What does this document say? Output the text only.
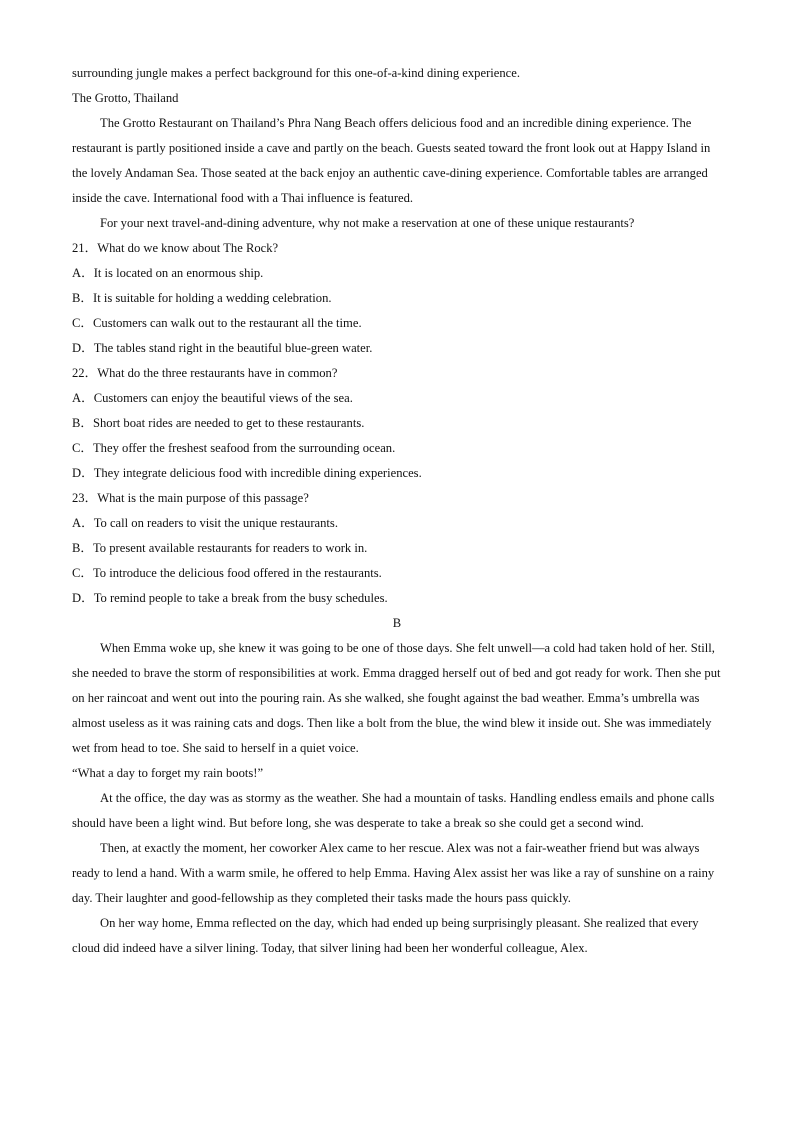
surrounding jungle makes a perfect background for this one-of-a-kind dining experience.

The Grotto, Thailand

The Grotto Restaurant on Thailand’s Phra Nang Beach offers delicious food and an incredible dining experience. The restaurant is partly positioned inside a cave and partly on the beach. Guests seated toward the front look out at Happy Island in the lovely Andaman Sea. Those seated at the back enjoy an authentic cave-dining experience. Comfortable tables are arranged inside the cave. International food with a Thai influence is featured.

For your next travel-and-dining adventure, why not make a reservation at one of these unique restaurants?

21．What do we know about The Rock?

A．It is located on an enormous ship.

B．It is suitable for holding a wedding celebration.

C．Customers can walk out to the restaurant all the time.

D．The tables stand right in the beautiful blue-green water.

22．What do the three restaurants have in common?

A．Customers can enjoy the beautiful views of the sea.

B．Short boat rides are needed to get to these restaurants.

C．They offer the freshest seafood from the surrounding ocean.

D．They integrate delicious food with incredible dining experiences.

23．What is the main purpose of this passage?

A．To call on readers to visit the unique restaurants.

B．To present available restaurants for readers to work in.

C．To introduce the delicious food offered in the restaurants.

D．To remind people to take a break from the busy schedules.

B

When Emma woke up, she knew it was going to be one of those days. She felt unwell—a cold had taken hold of her. Still, she needed to brave the storm of responsibilities at work. Emma dragged herself out of bed and got ready for work. Then she put on her raincoat and went out into the pouring rain. As she walked, she fought against the bad weather. Emma’s umbrella was almost useless as it was raining cats and dogs. Then like a bolt from the blue, the wind blew it inside out. She was immediately wet from head to toe. She said to herself in a quiet voice.

“What a day to forget my rain boots!”

At the office, the day was as stormy as the weather. She had a mountain of tasks. Handling endless emails and phone calls should have been a light wind. But before long, she was desperate to take a break so she could get a second wind.

Then, at exactly the moment, her coworker Alex came to her rescue. Alex was not a fair-weather friend but was always ready to lend a hand. With a warm smile, he offered to help Emma. Having Alex assist her was like a ray of sunshine on a rainy day. Their laughter and good-fellowship as they completed their tasks made the hours pass quickly.

On her way home, Emma reflected on the day, which had ended up being surprisingly pleasant. She realized that every cloud did indeed have a silver lining. Today, that silver lining had been her wonderful colleague, Alex.
